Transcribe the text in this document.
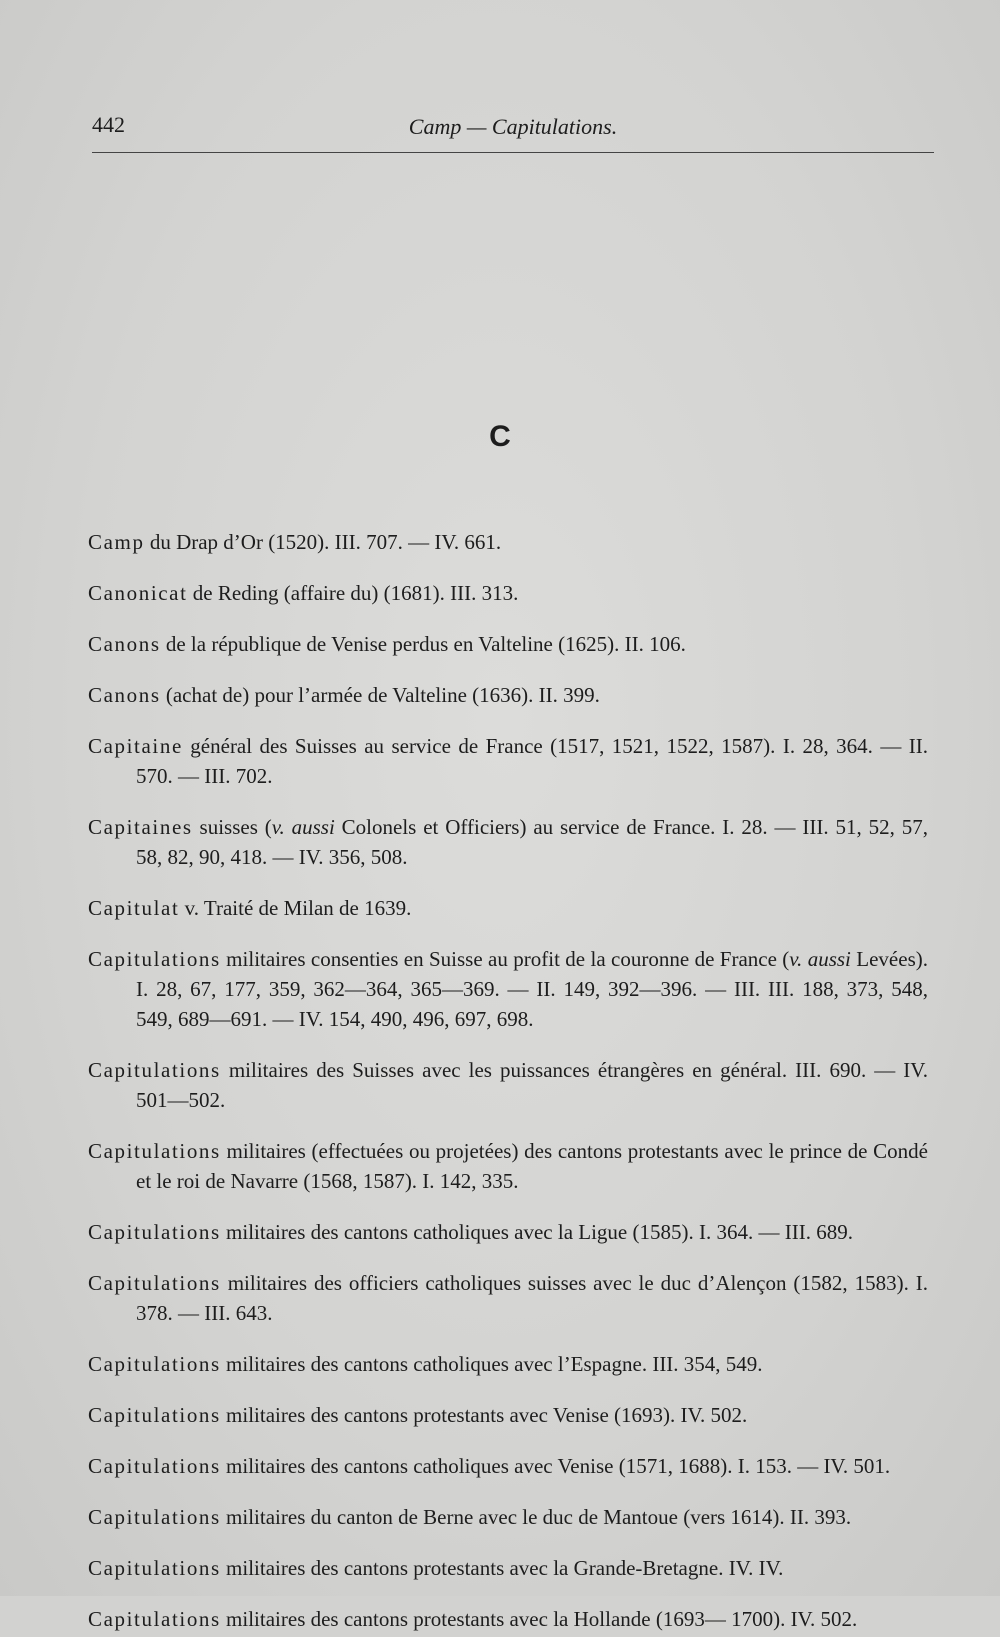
442	Camp — Capitulations.
C

Camp du Drap d’Or (1520). III. 707. — IV. 661.

Canonicat de Reding (affaire du) (1681). III. 313.

Canons de la république de Venise perdus en Valteline (1625). II. 106.

Canons (achat de) pour l’armée de Valteline (1636). II. 399.

Capitaine général des Suisses au service de France (1517, 1521, 1522, 1587). I. 28, 364. — II. 570. — III. 702.

Capitaines suisses (v. aussi Colonels et Officiers) au service de France. I. 28. — III. 51, 52, 57, 58, 82, 90, 418. — IV. 356, 508.

Capitulat v. Traité de Milan de 1639.

Capitulations militaires consenties en Suisse au profit de la couronne de France (v. aussi Levées). I. 28, 67, 177, 359, 362—364, 365—369. — II. 149, 392—396. — III. III. 188, 373, 548, 549, 689—691. — IV. 154, 490, 496, 697, 698.

Capitulations militaires des Suisses avec les puissances étrangères en général. III. 690. — IV. 501—502.

Capitulations militaires (effectuées ou projetées) des cantons protestants avec le prince de Condé et le roi de Navarre (1568, 1587). I. 142, 335.

Capitulations militaires des cantons catholiques avec la Ligue (1585). I. 364. — III. 689.

Capitulations militaires des officiers catholiques suisses avec le duc d’Alençon (1582, 1583). I. 378. — III. 643.

Capitulations militaires des cantons catholiques avec l’Espagne. III. 354, 549.

Capitulations militaires des cantons protestants avec Venise (1693). IV. 502.

Capitulations militaires des cantons catholiques avec Venise (1571, 1688). I. 153. — IV. 501.

Capitulations militaires du canton de Berne avec le duc de Mantoue (vers 1614). II. 393.

Capitulations militaires des cantons protestants avec la Grande-Bretagne. IV. IV.

Capitulations militaires des cantons protestants avec la Hollande (1693— 1700). IV. 502.
